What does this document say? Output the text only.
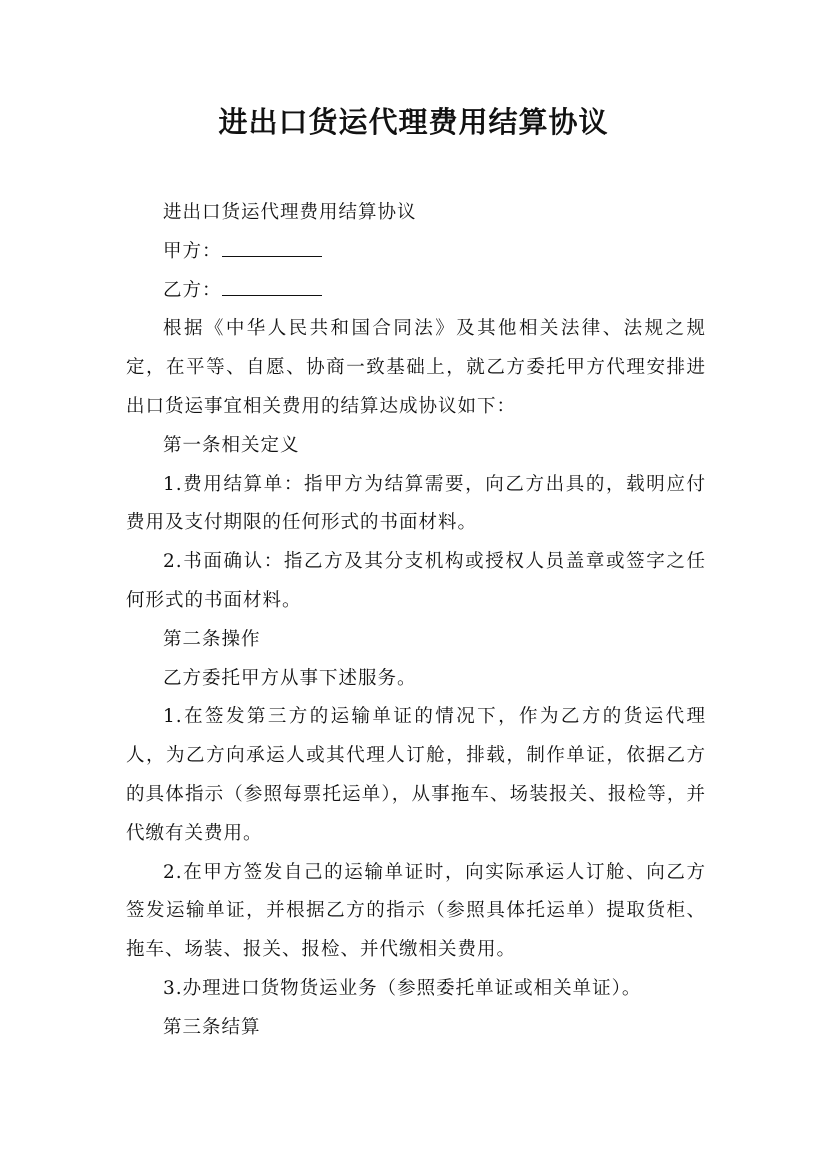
进出口货运代理费用结算协议

进出口货运代理费用结算协议

甲方：

乙方：

根据《中华人民共和国合同法》及其他相关法律、法规之规定，在平等、自愿、协商一致基础上，就乙方委托甲方代理安排进出口货运事宜相关费用的结算达成协议如下：

第一条相关定义

1.费用结算单：指甲方为结算需要，向乙方出具的，载明应付费用及支付期限的任何形式的书面材料。

2.书面确认：指乙方及其分支机构或授权人员盖章或签字之任何形式的书面材料。

第二条操作

乙方委托甲方从事下述服务。

1.在签发第三方的运输单证的情况下，作为乙方的货运代理人，为乙方向承运人或其代理人订舱，排载，制作单证，依据乙方的具体指示（参照每票托运单），从事拖车、场装报关、报检等，并代缴有关费用。

2.在甲方签发自己的运输单证时，向实际承运人订舱、向乙方签发运输单证，并根据乙方的指示（参照具体托运单）提取货柜、拖车、场装、报关、报检、并代缴相关费用。

3.办理进口货物货运业务（参照委托单证或相关单证）。

第三条结算
